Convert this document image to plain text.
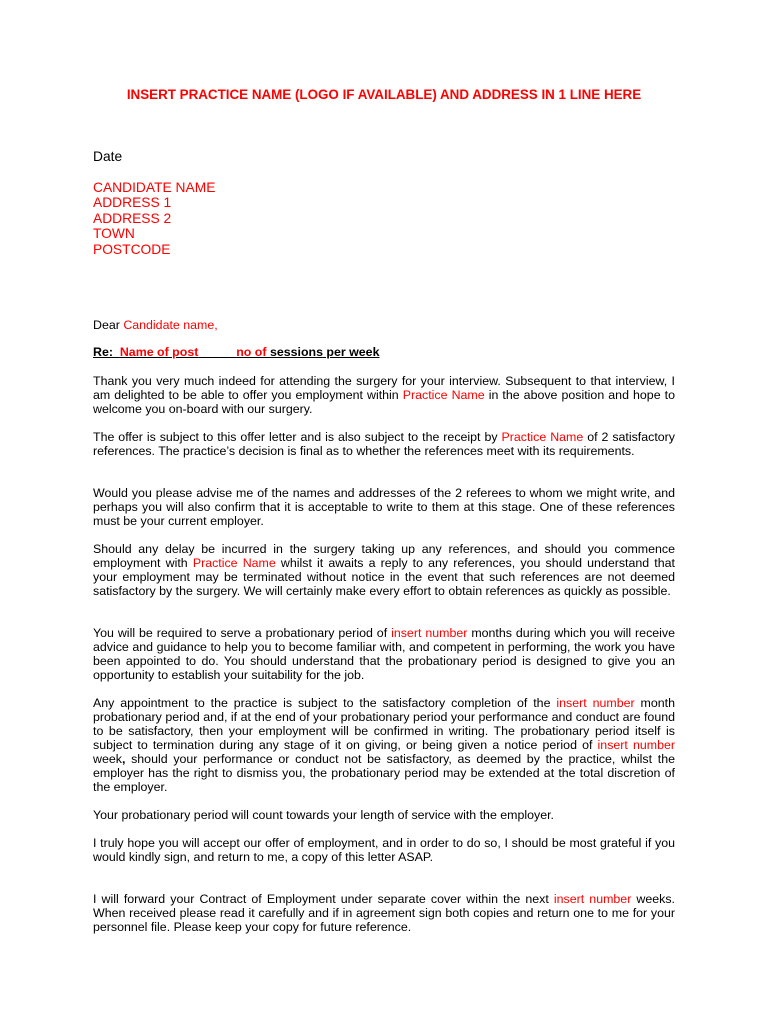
INSERT PRACTICE NAME (LOGO IF AVAILABLE) AND ADDRESS IN 1 LINE HERE
Date
CANDIDATE NAME
ADDRESS 1
ADDRESS 2
TOWN
POSTCODE
Dear Candidate name,
Re:  Name of post	no of sessions per week
Thank you very much indeed for attending the surgery for your interview. Subsequent to that interview, I am delighted to be able to offer you employment within Practice Name in the above position and hope to welcome you on-board with our surgery.
The offer is subject to this offer letter and is also subject to the receipt by Practice Name of 2 satisfactory references. The practice’s decision is final as to whether the references meet with its requirements.
Would you please advise me of the names and addresses of the 2 referees to whom we might write, and perhaps you will also confirm that it is acceptable to write to them at this stage. One of these references must be your current employer.
Should any delay be incurred in the surgery taking up any references, and should you commence employment with Practice Name whilst it awaits a reply to any references, you should understand that your employment may be terminated without notice in the event that such references are not deemed satisfactory by the surgery. We will certainly make every effort to obtain references as quickly as possible.
You will be required to serve a probationary period of insert number months during which you will receive advice and guidance to help you to become familiar with, and competent in performing, the work you have been appointed to do. You should understand that the probationary period is designed to give you an opportunity to establish your suitability for the job.
Any appointment to the practice is subject to the satisfactory completion of the insert number month probationary period and, if at the end of your probationary period your performance and conduct are found to be satisfactory, then your employment will be confirmed in writing. The probationary period itself is subject to termination during any stage of it on giving, or being given a notice period of insert number week, should your performance or conduct not be satisfactory, as deemed by the practice, whilst the employer has the right to dismiss you, the probationary period may be extended at the total discretion of the employer.
Your probationary period will count towards your length of service with the employer.
I truly hope you will accept our offer of employment, and in order to do so, I should be most grateful if you would kindly sign, and return to me, a copy of this letter ASAP.
I will forward your Contract of Employment under separate cover within the next insert number weeks. When received please read it carefully and if in agreement sign both copies and return one to me for your personnel file. Please keep your copy for future reference.
